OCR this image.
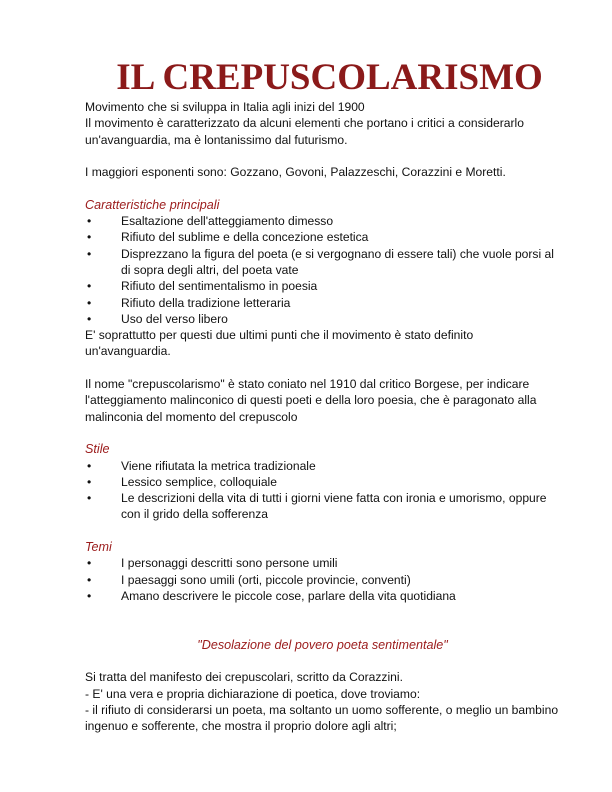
IL CREPUSCOLARISMO

Movimento che si sviluppa in Italia agli inizi del 1900

Il movimento è caratterizzato da alcuni elementi che portano i critici a considerarlo un'avanguardia, ma è lontanissimo dal futurismo.

I maggiori esponenti sono: Gozzano, Govoni, Palazzeschi, Corazzini e Moretti.

Caratteristiche principali

• Esaltazione dell'atteggiamento dimesso
• Rifiuto del sublime e della concezione estetica
• Disprezzano la figura del poeta (e si vergognano di essere tali) che vuole porsi al di sopra degli altri, del poeta vate
• Rifiuto del sentimentalismo in poesia
• Rifiuto della tradizione letteraria
• Uso del verso libero

E' soprattutto per questi due ultimi punti che il movimento è stato definito un'avanguardia.

Il nome "crepuscolarismo" è stato coniato nel 1910 dal critico Borgese, per indicare l'atteggiamento malinconico di questi poeti e della loro poesia, che è paragonato alla malinconia del momento del crepuscolo

Stile

• Viene rifiutata la metrica tradizionale
• Lessico semplice, colloquiale
• Le descrizioni della vita di tutti i giorni viene fatta con ironia e umorismo, oppure con il grido della sofferenza

Temi

• I personaggi descritti sono persone umili
• I paesaggi sono umili (orti, piccole provincie, conventi)
• Amano descrivere le piccole cose, parlare della vita quotidiana

"Desolazione del povero poeta sentimentale"

Si tratta del manifesto dei crepuscolari, scritto da Corazzini.

- E' una vera e propria dichiarazione di poetica, dove troviamo:

- il rifiuto di considerarsi un poeta, ma soltanto un uomo sofferente, o meglio un bambino ingenuo e sofferente, che mostra il proprio dolore agli altri;
